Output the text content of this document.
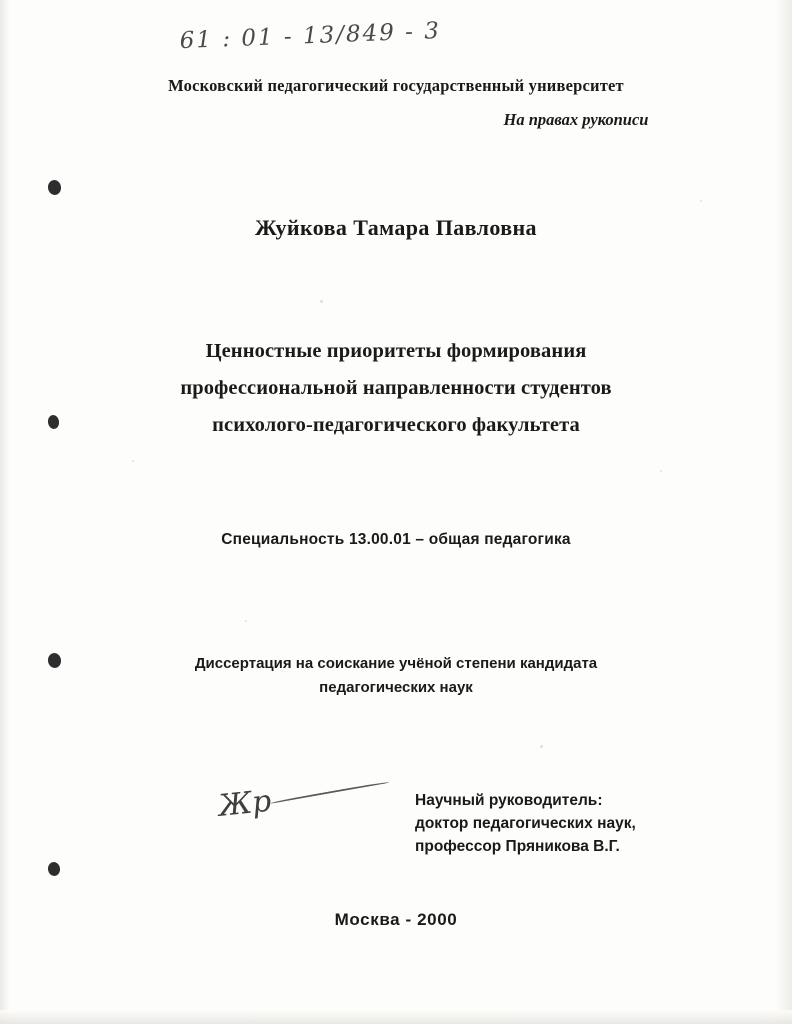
61 : 01 - 13/849 - 3
Московский педагогический государственный университет
На правах рукописи
Жуйкова Тамара Павловна
Ценностные приоритеты формирования
профессиональной направленности студентов
психолого-педагогического факультета
Специальность 13.00.01 – общая педагогика
Диссертация на соискание учёной степени кандидата
педагогических наук
Жр	Научный руководитель:
доктор педагогических наук,
профессор Пряникова В.Г.
Москва - 2000
